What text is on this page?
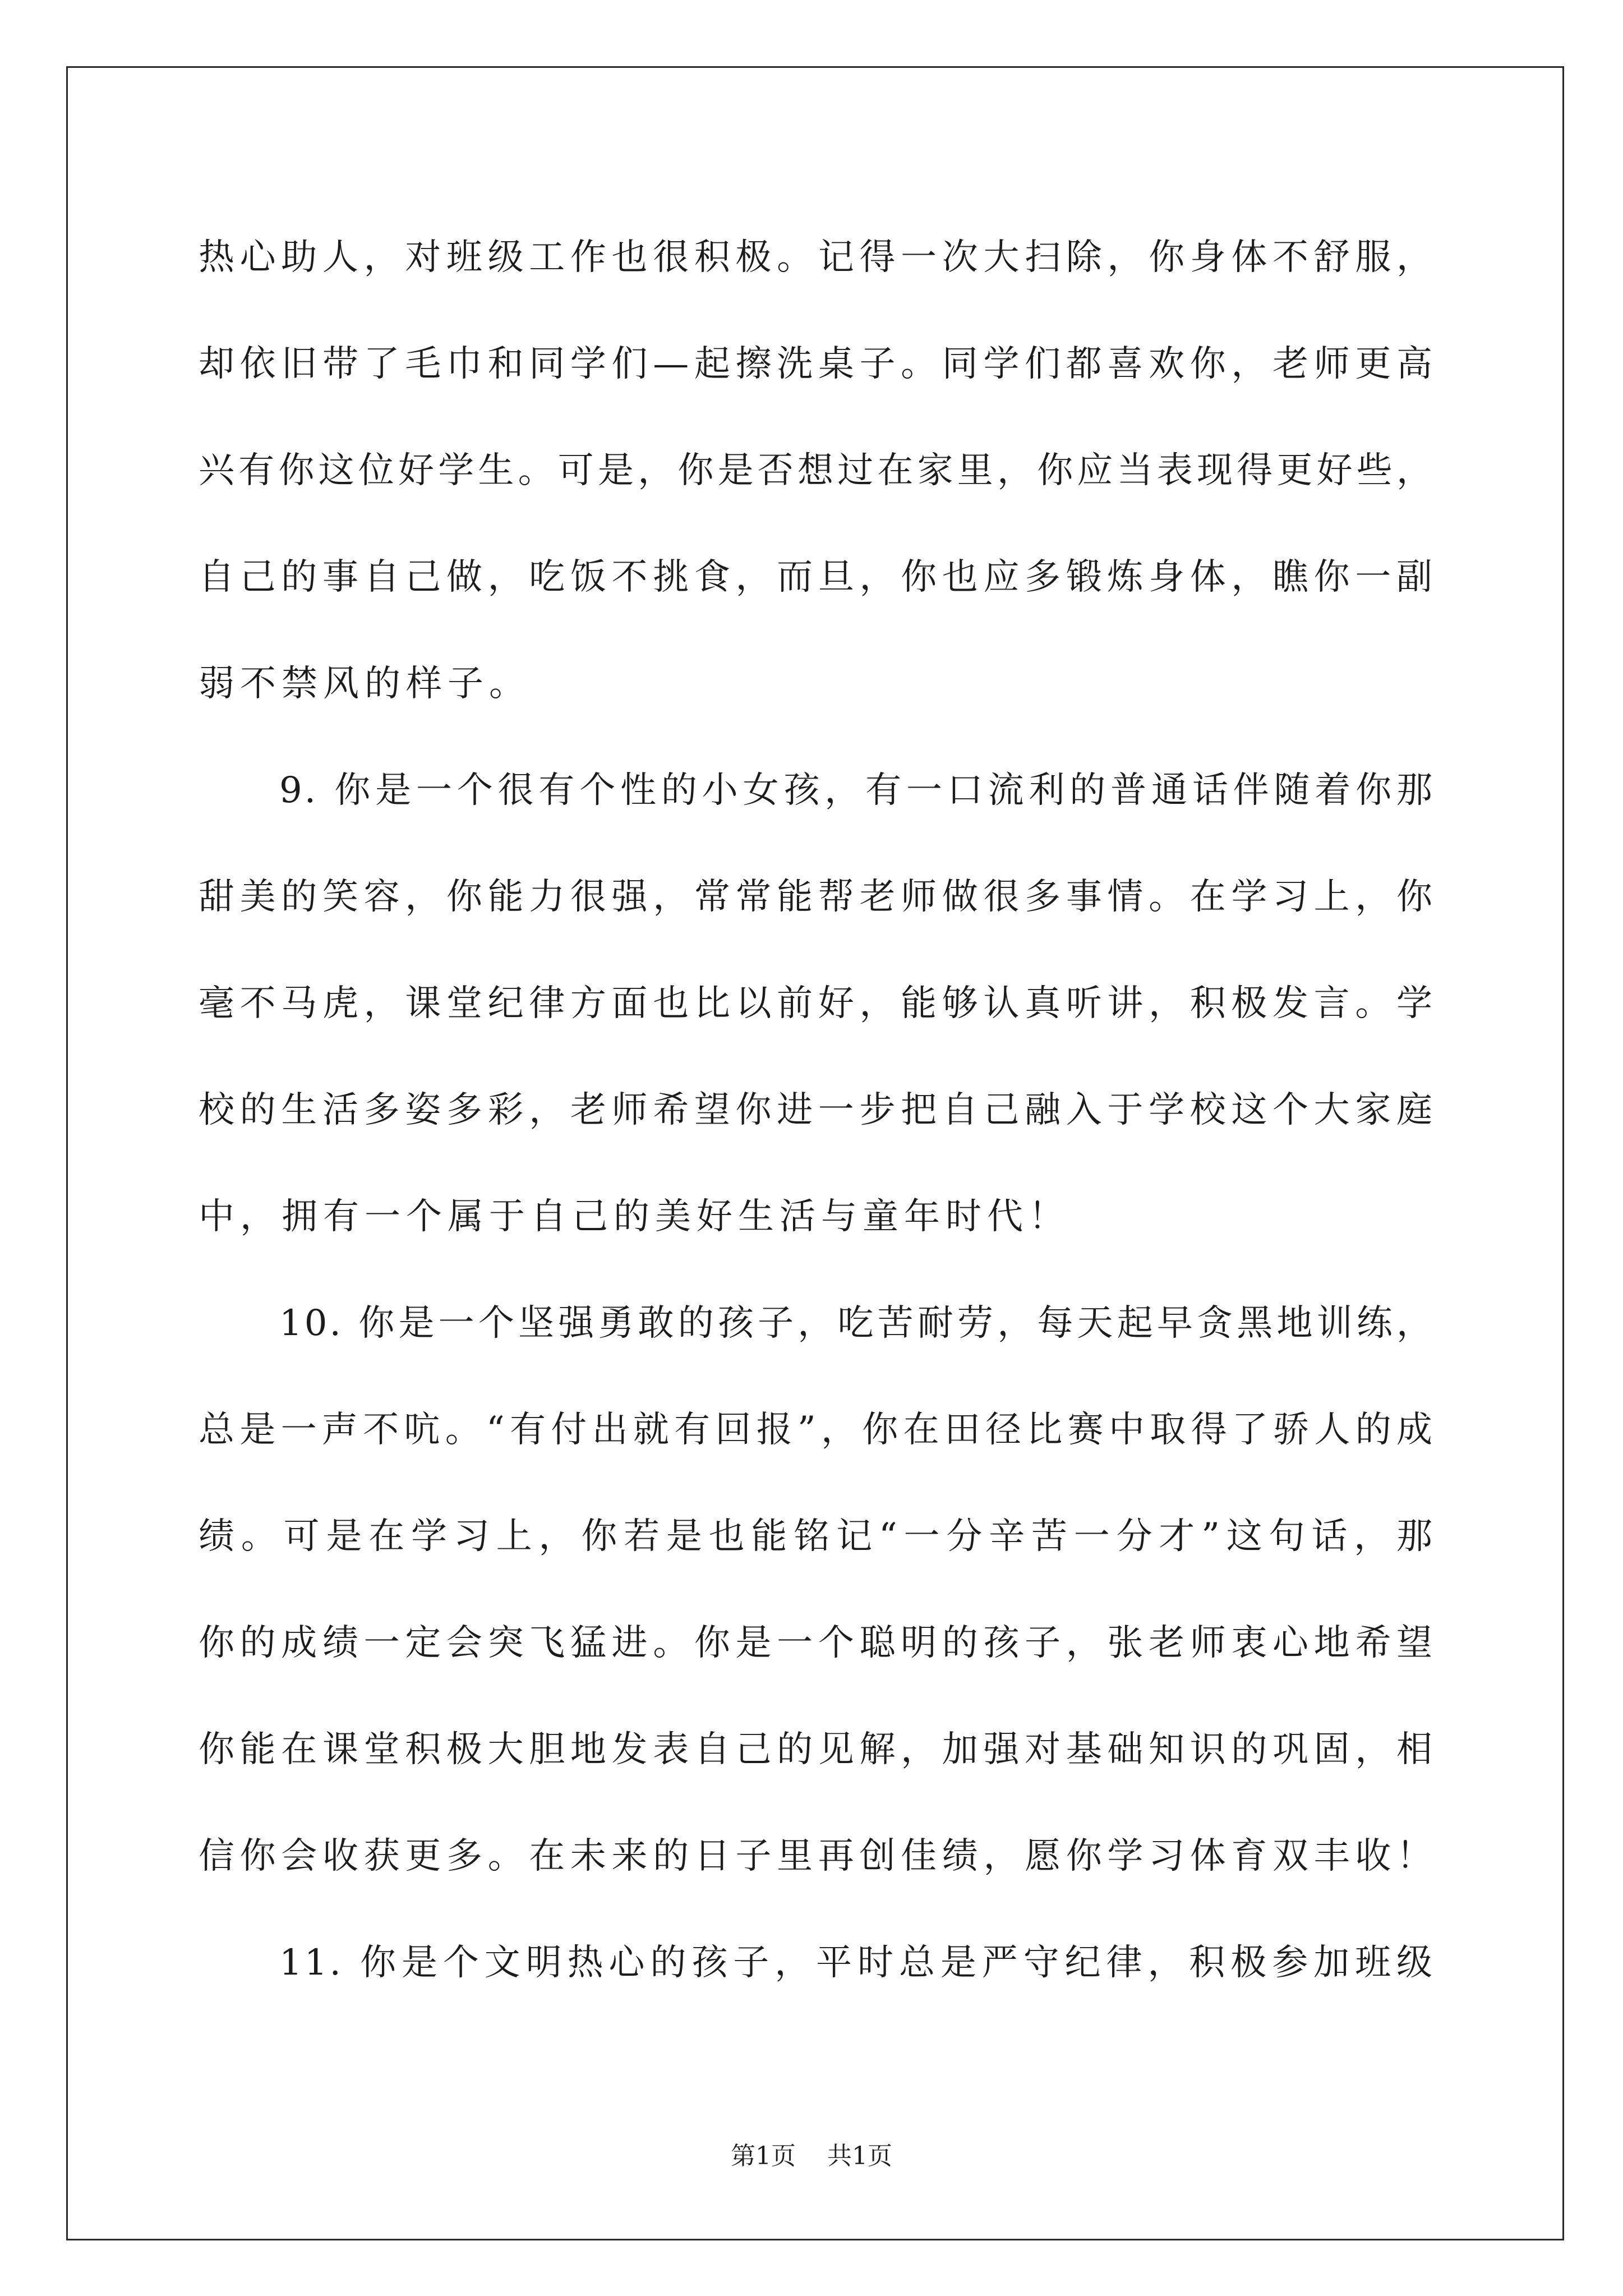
热心助人，对班级工作也很积极。记得一次大扫除，你身体不舒服，
却依旧带了毛巾和同学们—起擦洗桌子。同学们都喜欢你，老师更高
兴有你这位好学生。可是，你是否想过在家里，你应当表现得更好些，
自己的事自己做，吃饭不挑食，而旦，你也应多锻炼身体，瞧你一副
弱不禁风的样子。
9. 你是一个很有个性的小女孩，有一口流利的普通话伴随着你那
甜美的笑容，你能力很强，常常能帮老师做很多事情。在学习上，你
毫不马虎，课堂纪律方面也比以前好，能够认真听讲，积极发言。学
校的生活多姿多彩，老师希望你进一步把自己融入于学校这个大家庭
中，拥有一个属于自己的美好生活与童年时代！
10. 你是一个坚强勇敢的孩子，吃苦耐劳，每天起早贪黑地训练，
总是一声不吭。“有付出就有回报”，你在田径比赛中取得了骄人的成
绩。可是在学习上，你若是也能铭记“一分辛苦一分才”这句话，那
你的成绩一定会突飞猛进。你是一个聪明的孩子，张老师衷心地希望
你能在课堂积极大胆地发表自己的见解，加强对基础知识的巩固，相
信你会收获更多。在未来的日子里再创佳绩，愿你学习体育双丰收！
11. 你是个文明热心的孩子，平时总是严守纪律，积极参加班级
第1页 共1页
